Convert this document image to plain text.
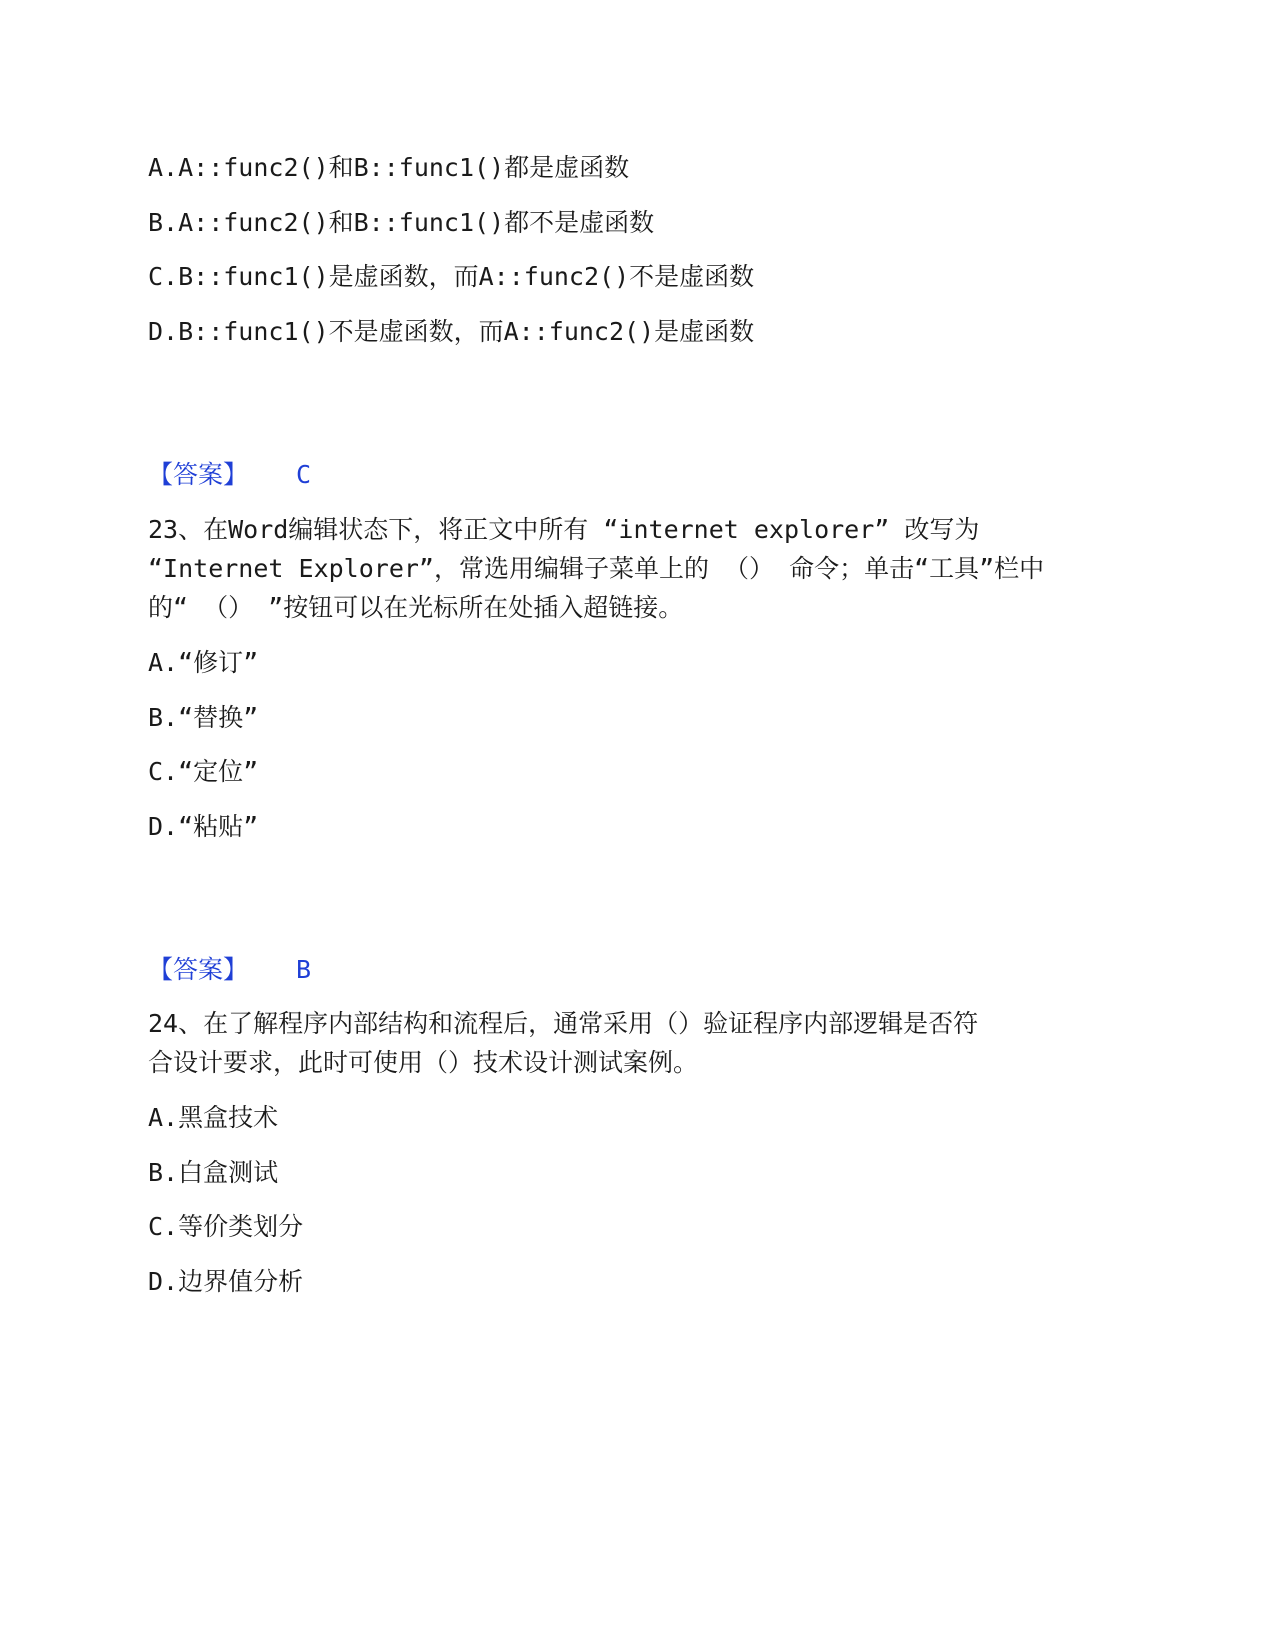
A.A::func2()和B::func1()都是虚函数
B.A::func2()和B::func1()都不是虚函数
C.B::func1()是虚函数，而A::func2()不是虚函数
D.B::func1()不是虚函数，而A::func2()是虚函数
【答案】 C
23、在Word编辑状态下，将正文中所有 “internet explorer” 改写为
“Internet Explorer”，常选用编辑子菜单上的 （） 命令；单击“工具”栏中
的“ （） ”按钮可以在光标所在处插入超链接。
A.“修订”
B.“替换”
C.“定位”
D.“粘贴”
【答案】 B
24、在了解程序内部结构和流程后，通常采用（）验证程序内部逻辑是否符
合设计要求，此时可使用（）技术设计测试案例。
A.黑盒技术
B.白盒测试
C.等价类划分
D.边界值分析
